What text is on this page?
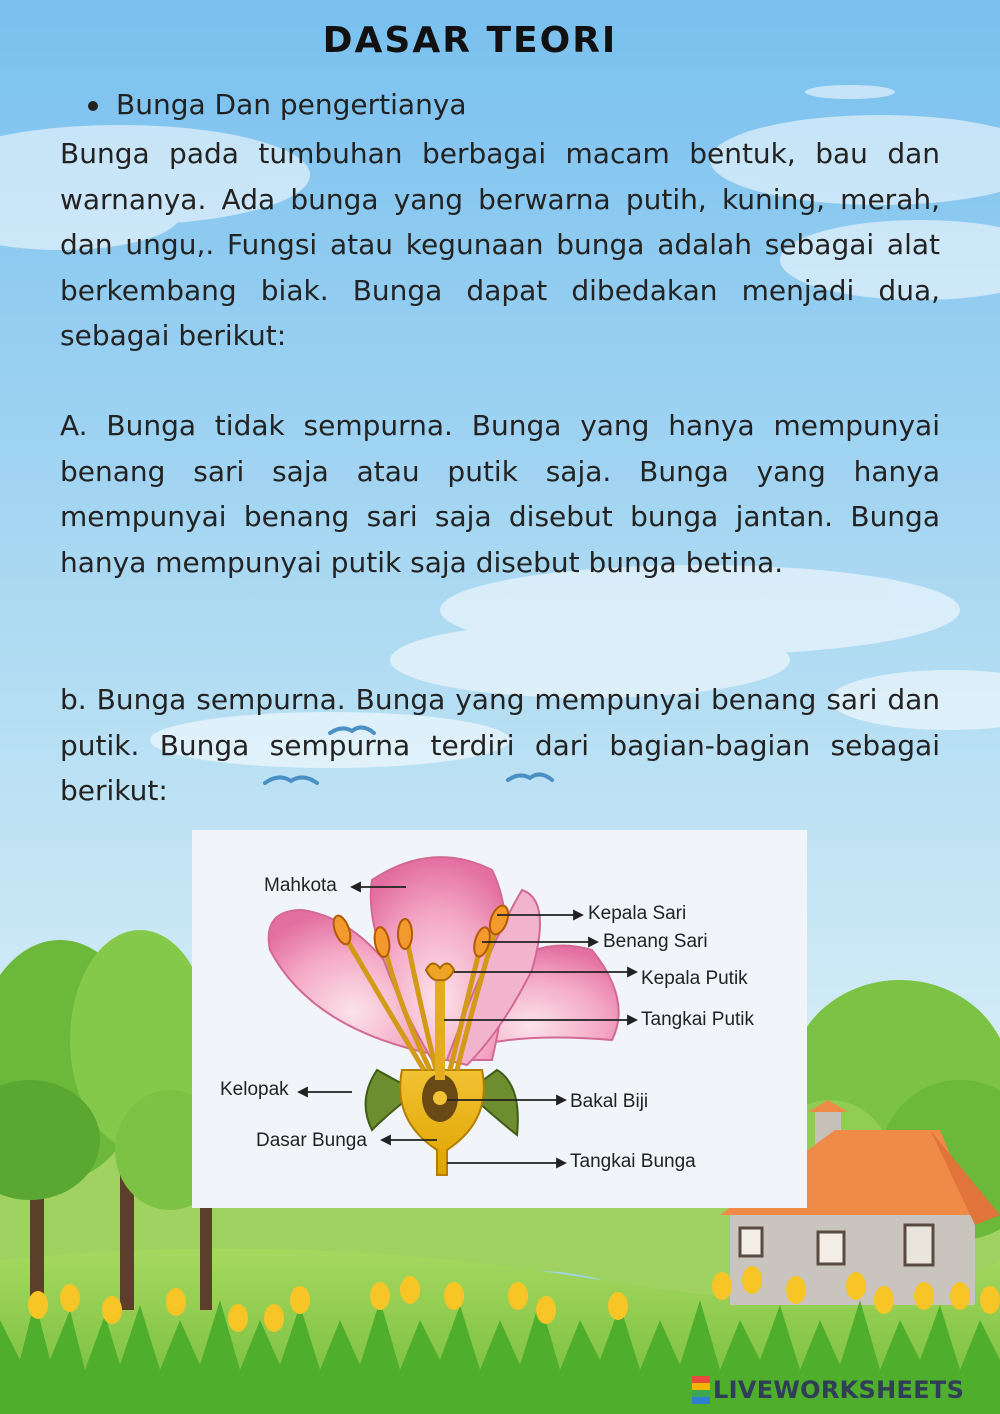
DASAR TEORI
Bunga Dan pengertianya

Bunga pada tumbuhan berbagai macam bentuk, bau dan warnanya. Ada bunga yang berwarna putih, kuning, merah, dan ungu,. Fungsi atau kegunaan bunga adalah sebagai alat berkembang biak. Bunga dapat dibedakan menjadi dua, sebagai berikut:

A. Bunga tidak sempurna. Bunga yang hanya mempunyai benang sari saja atau putik saja. Bunga yang hanya mempunyai benang sari saja disebut bunga jantan. Bunga hanya mempunyai putik saja disebut bunga betina.

b. Bunga sempurna. Bunga yang mempunyai benang sari dan putik. Bunga sempurna terdiri dari bagian-bagian sebagai berikut:

Mahkota
Kepala Sari
Benang Sari
Kepala Putik
Tangkai Putik
Kelopak
Bakal Biji
Dasar Bunga
Tangkai Bunga
LIVEWORKSHEETS
